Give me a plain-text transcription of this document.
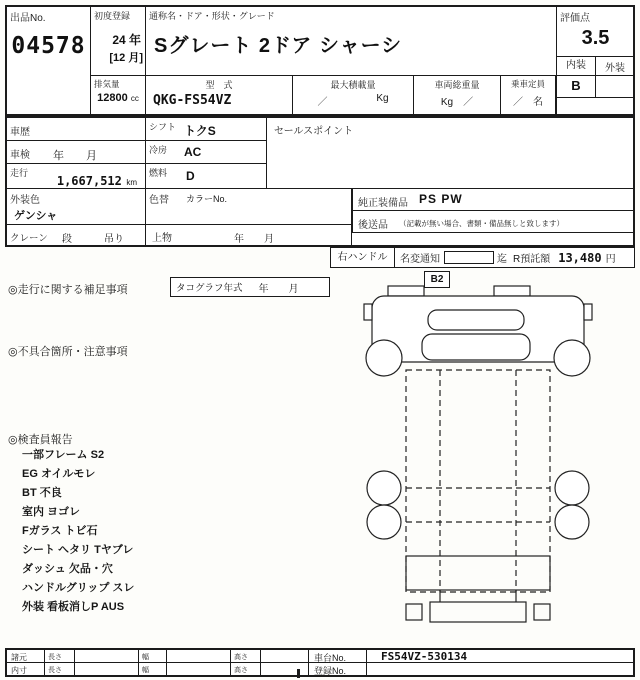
出品No.
04578
初度登録
24 年
[12 月]
通称名・ドア・形状・グレード
Sグレート 2ドア シャーシ
評価点
3.5
内装	外装
B
排気量
12800 cc
型　式
QKG-FS54VZ
最大積載量
／	Kg
車両総重量
Kg　／
乗車定員
／　名
車歴	シフト トクS	セールスポイント
車検 年　　月	冷房 AC
走行
1,667,512 km
燃料 D
外装色
ゲンシャ
色替 カラーNo.	純正装備品 PS PW
後送品 （記載が無い場合、書類・備品無しと致します）
クレーン 段	吊り	上物	年　　月
右ハンドル	名変通知	迄 R預託額 13,480 円
◎走行に関する補足事項	タコグラフ年式 年　　月
◎不具合箇所・注意事項
◎検査員報告
一部フレーム S2
EG オイルモレ
BT 不良
室内 ヨゴレ
Fガラス トビ石
シート ヘタリ Tヤブレ
ダッシュ 欠品・穴
ハンドルグリップ スレ
外装 看板消しP AUS
B2
諸元	長さ	幅	高さ	車台No.	FS54VZ-530134
内寸	長さ	幅	高さ	登録No.
